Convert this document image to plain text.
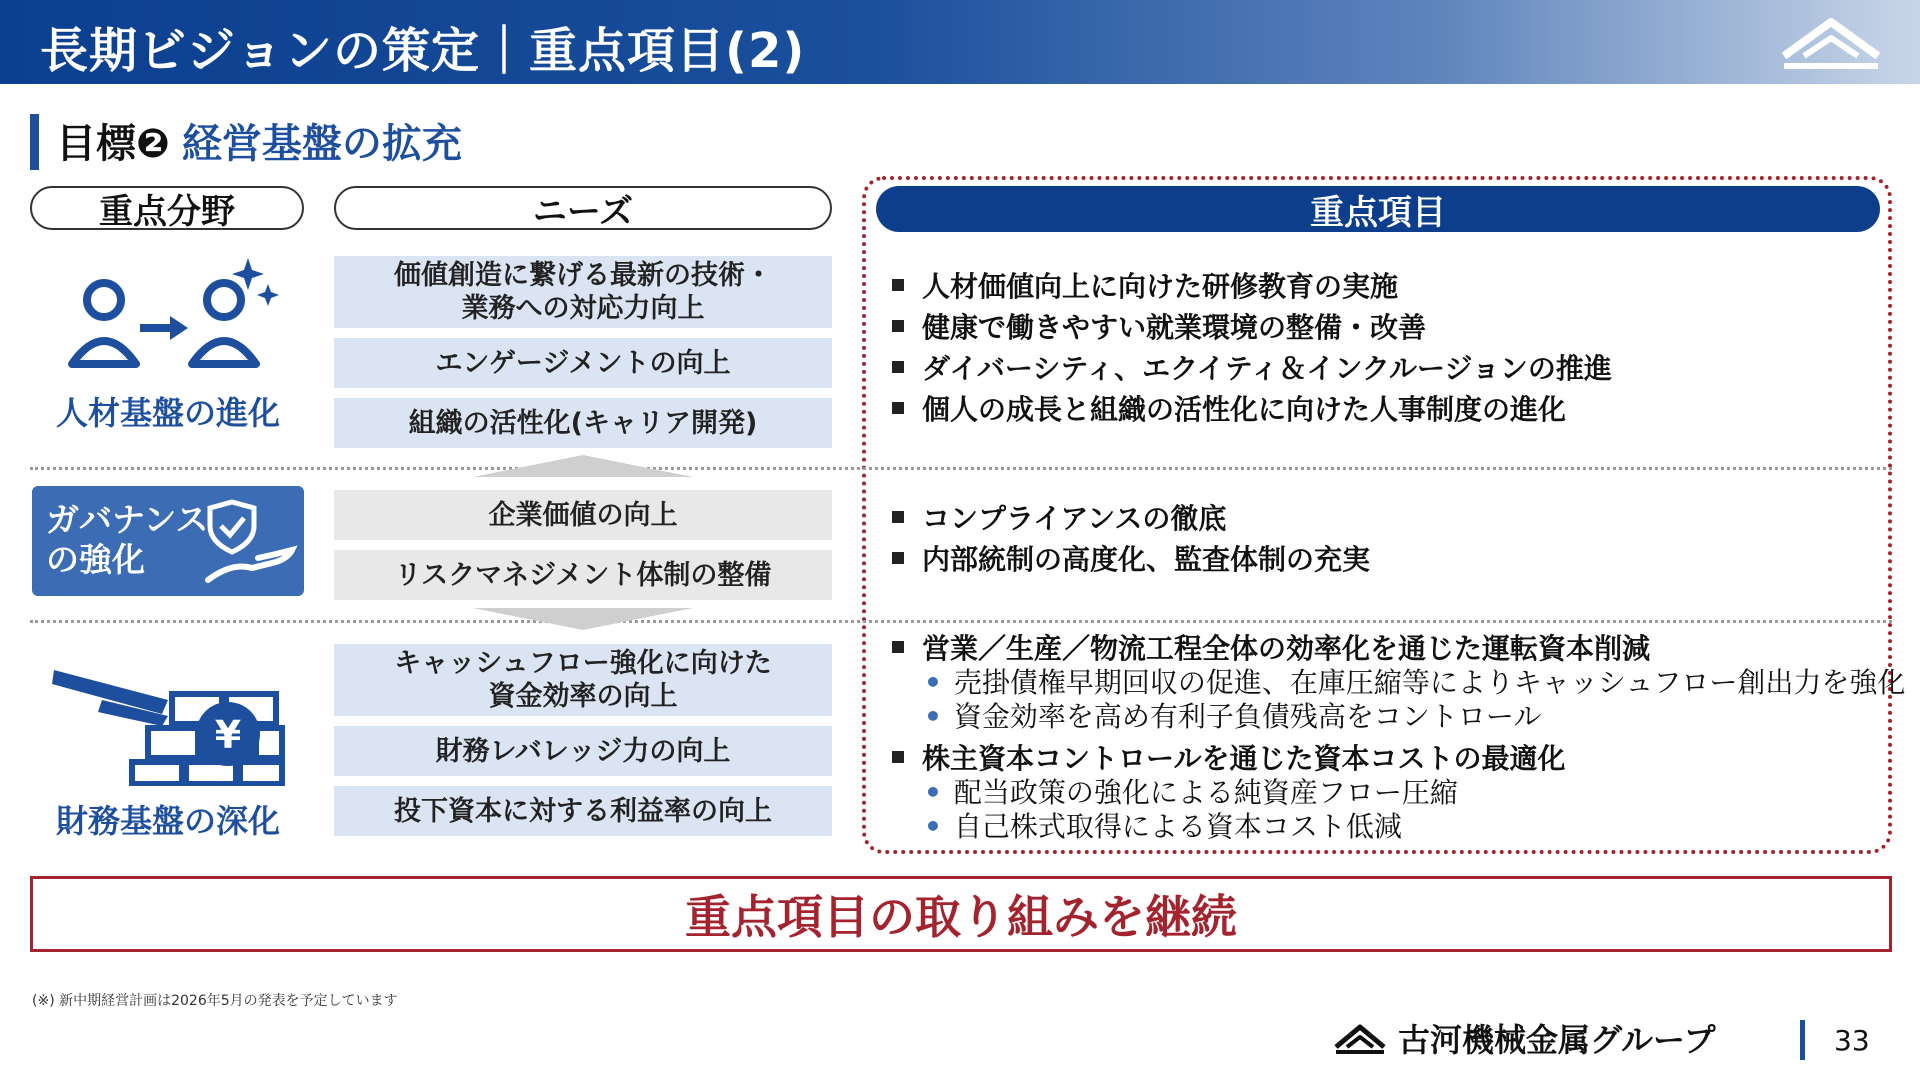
長期ビジョンの策定｜重点項目(2)
目標❷ 経営基盤の拡充
重点分野	ニーズ	重点項目
人材基盤の進化
価値創造に繋げる最新の技術・
業務への対応力向上
エンゲージメントの向上
組織の活性化(キャリア開発)
人材価値向上に向けた研修教育の実施
健康で働きやすい就業環境の整備・改善
ダイバーシティ、エクイティ＆インクルージョンの推進
個人の成長と組織の活性化に向けた人事制度の進化
ガバナンス
の強化
企業価値の向上
リスクマネジメント体制の整備
コンプライアンスの徹底
内部統制の高度化、監査体制の充実
¥
財務基盤の深化
キャッシュフロー強化に向けた
資金効率の向上
財務レバレッジ力の向上
投下資本に対する利益率の向上
営業／生産／物流工程全体の効率化を通じた運転資本削減
• 売掛債権早期回収の促進、在庫圧縮等によりキャッシュフロー創出力を強化
• 資金効率を高め有利子負債残高をコントロール
株主資本コントロールを通じた資本コストの最適化
• 配当政策の強化による純資産フロー圧縮
• 自己株式取得による資本コスト低減
重点項目の取り組みを継続
(※) 新中期経営計画は2026年5月の発表を予定しています
古河機械金属グループ	33
